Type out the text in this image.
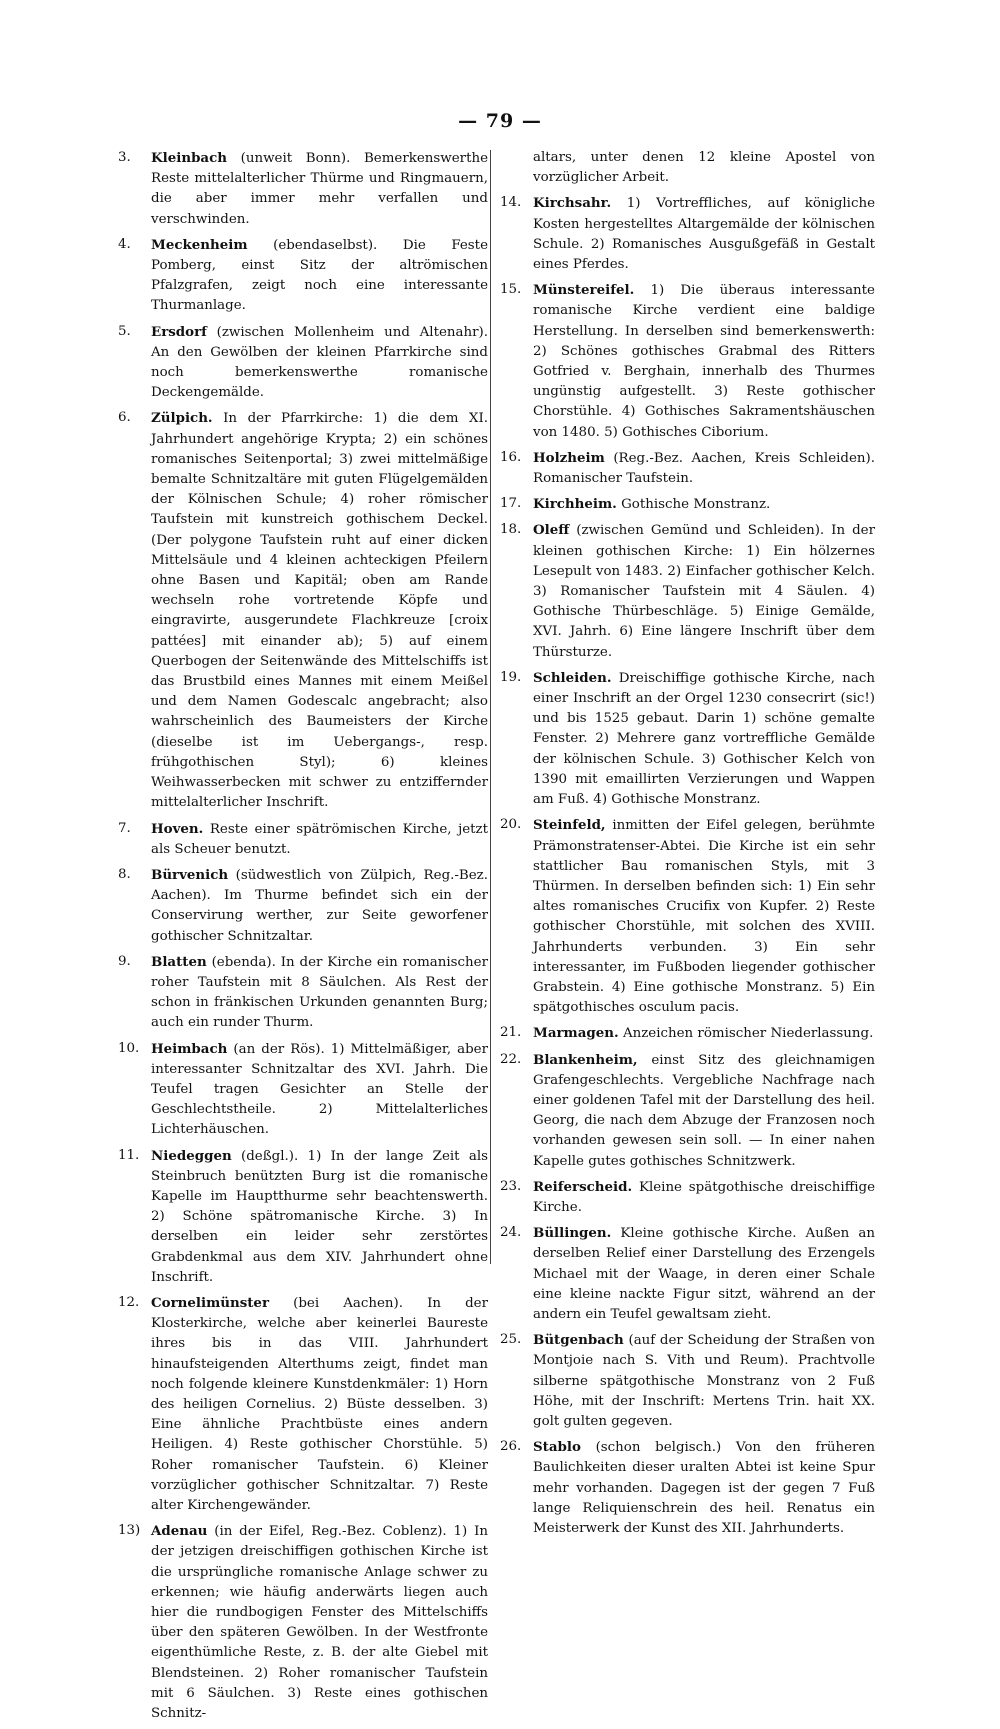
— 79 —
3. Kleinbach (unweit Bonn). Bemerkenswerthe Reste mittelalterlicher Thürme und Ringmauern, die aber immer mehr verfallen und verschwinden.
4. Meckenheim (ebendaselbst). Die Feste Pomberg, einst Sitz der altrömischen Pfalzgrafen, zeigt noch eine interessante Thurmanlage.
5. Ersdorf (zwischen Mollenheim und Altenahr). An den Gewölben der kleinen Pfarrkirche sind noch bemerkenswerthe romanische Deckengemälde.
6. Zülpich. In der Pfarrkirche: 1) die dem XI. Jahrhundert angehörige Krypta; 2) ein schönes romanisches Seitenportal; 3) zwei mittelmäßige bemalte Schnitzaltäre mit guten Flügelgemälden der Kölnischen Schule; 4) roher römischer Taufstein mit kunstreich gothischem Deckel. (Der polygone Taufstein ruht auf einer dicken Mittelsäule und 4 kleinen achteckigen Pfeilern ohne Basen und Kapitäl; oben am Rande wechseln rohe vortretende Köpfe und eingravirte, ausgerundete Flachkreuze [croix pattées] mit einander ab); 5) auf einem Querbogen der Seitenwände des Mittelschiffs ist das Brustbild eines Mannes mit einem Meißel und dem Namen Godescalc angebracht; also wahrscheinlich des Baumeisters der Kirche (dieselbe ist im Uebergangs-, resp. frühgothischen Styl); 6) kleines Weihwasserbecken mit schwer zu entziffernder mittelalterlicher Inschrift.
7. Hoven. Reste einer spätrömischen Kirche, jetzt als Scheuer benutzt.
8. Bürvenich (südwestlich von Zülpich, Reg.-Bez. Aachen). Im Thurme befindet sich ein der Conservirung werther, zur Seite geworfener gothischer Schnitzaltar.
9. Blatten (ebenda). In der Kirche ein romanischer roher Taufstein mit 8 Säulchen. Als Rest der schon in fränkischen Urkunden genannten Burg; auch ein runder Thurm.
10. Heimbach (an der Rös). 1) Mittelmäßiger, aber interessanter Schnitzaltar des XVI. Jahrh. Die Teufel tragen Gesichter an Stelle der Geschlechtstheile. 2) Mittelalterliches Lichterhäuschen.
11. Niedeggen (deßgl.). 1) In der lange Zeit als Steinbruch benützten Burg ist die romanische Kapelle im Hauptthurme sehr beachtenswerth. 2) Schöne spätromanische Kirche. 3) In derselben ein leider sehr zerstörtes Grabdenkmal aus dem XIV. Jahrhundert ohne Inschrift.
12. Cornelimünster (bei Aachen). In der Klosterkirche, welche aber keinerlei Baureste ihres bis in das VIII. Jahrhundert hinaufsteigenden Alterthums zeigt, findet man noch folgende kleinere Kunstdenkmäler: 1) Horn des heiligen Cornelius. 2) Büste desselben. 3) Eine ähnliche Prachtbüste eines andern Heiligen. 4) Reste gothischer Chorstühle. 5) Roher romanischer Taufstein. 6) Kleiner vorzüglicher gothischer Schnitzaltar. 7) Reste alter Kirchengewänder.
13) Adenau (in der Eifel, Reg.-Bez. Coblenz). 1) In der jetzigen dreischiffigen gothischen Kirche ist die ursprüngliche romanische Anlage schwer zu erkennen; wie häufig anderwärts liegen auch hier die rundbogigen Fenster des Mittelschiffs über den späteren Gewölben. In der Westfronte eigenthümliche Reste, z. B. der alte Giebel mit Blendsteinen. 2) Roher romanischer Taufstein mit 6 Säulchen. 3) Reste eines gothischen Schnitz-
altars, unter denen 12 kleine Apostel von vorzüglicher Arbeit.
14. Kirchsahr. 1) Vortreffliches, auf königliche Kosten hergestelltes Altargemälde der kölnischen Schule. 2) Romanisches Ausgußgefäß in Gestalt eines Pferdes.
15. Münstereifel. 1) Die überaus interessante romanische Kirche verdient eine baldige Herstellung. In derselben sind bemerkenswerth: 2) Schönes gothisches Grabmal des Ritters Gotfried v. Berghain, innerhalb des Thurmes ungünstig aufgestellt. 3) Reste gothischer Chorstühle. 4) Gothisches Sakramentshäuschen von 1480. 5) Gothisches Ciborium.
16. Holzheim (Reg.-Bez. Aachen, Kreis Schleiden). Romanischer Taufstein.
17. Kirchheim. Gothische Monstranz.
18. Oleff (zwischen Gemünd und Schleiden). In der kleinen gothischen Kirche: 1) Ein hölzernes Lesepult von 1483. 2) Einfacher gothischer Kelch. 3) Romanischer Taufstein mit 4 Säulen. 4) Gothische Thürbeschläge. 5) Einige Gemälde, XVI. Jahrh. 6) Eine längere Inschrift über dem Thürsturze.
19. Schleiden. Dreischiffige gothische Kirche, nach einer Inschrift an der Orgel 1230 consecrirt (sic!) und bis 1525 gebaut. Darin 1) schöne gemalte Fenster. 2) Mehrere ganz vortreffliche Gemälde der kölnischen Schule. 3) Gothischer Kelch von 1390 mit emaillirten Verzierungen und Wappen am Fuß. 4) Gothische Monstranz.
20. Steinfeld, inmitten der Eifel gelegen, berühmte Prämonstratenser-Abtei. Die Kirche ist ein sehr stattlicher Bau romanischen Styls, mit 3 Thürmen. In derselben befinden sich: 1) Ein sehr altes romanisches Crucifix von Kupfer. 2) Reste gothischer Chorstühle, mit solchen des XVIII. Jahrhunderts verbunden. 3) Ein sehr interessanter, im Fußboden liegender gothischer Grabstein. 4) Eine gothische Monstranz. 5) Ein spätgothisches osculum pacis.
21. Marmagen. Anzeichen römischer Niederlassung.
22. Blankenheim, einst Sitz des gleichnamigen Grafengeschlechts. Vergebliche Nachfrage nach einer goldenen Tafel mit der Darstellung des heil. Georg, die nach dem Abzuge der Franzosen noch vorhanden gewesen sein soll. — In einer nahen Kapelle gutes gothisches Schnitzwerk.
23. Reiferscheid. Kleine spätgothische dreischiffige Kirche.
24. Büllingen. Kleine gothische Kirche. Außen an derselben Relief einer Darstellung des Erzengels Michael mit der Waage, in deren einer Schale eine kleine nackte Figur sitzt, während an der andern ein Teufel gewaltsam zieht.
25. Bütgenbach (auf der Scheidung der Straßen von Montjoie nach S. Vith und Reum). Prachtvolle silberne spätgothische Monstranz von 2 Fuß Höhe, mit der Inschrift: Mertens Trin. hait XX. golt gulten gegeven.
26. Stablo (schon belgisch.) Von den früheren Baulichkeiten dieser uralten Abtei ist keine Spur mehr vorhanden. Dagegen ist der gegen 7 Fuß lange Reliquienschrein des heil. Renatus ein Meisterwerk der Kunst des XII. Jahrhunderts.
